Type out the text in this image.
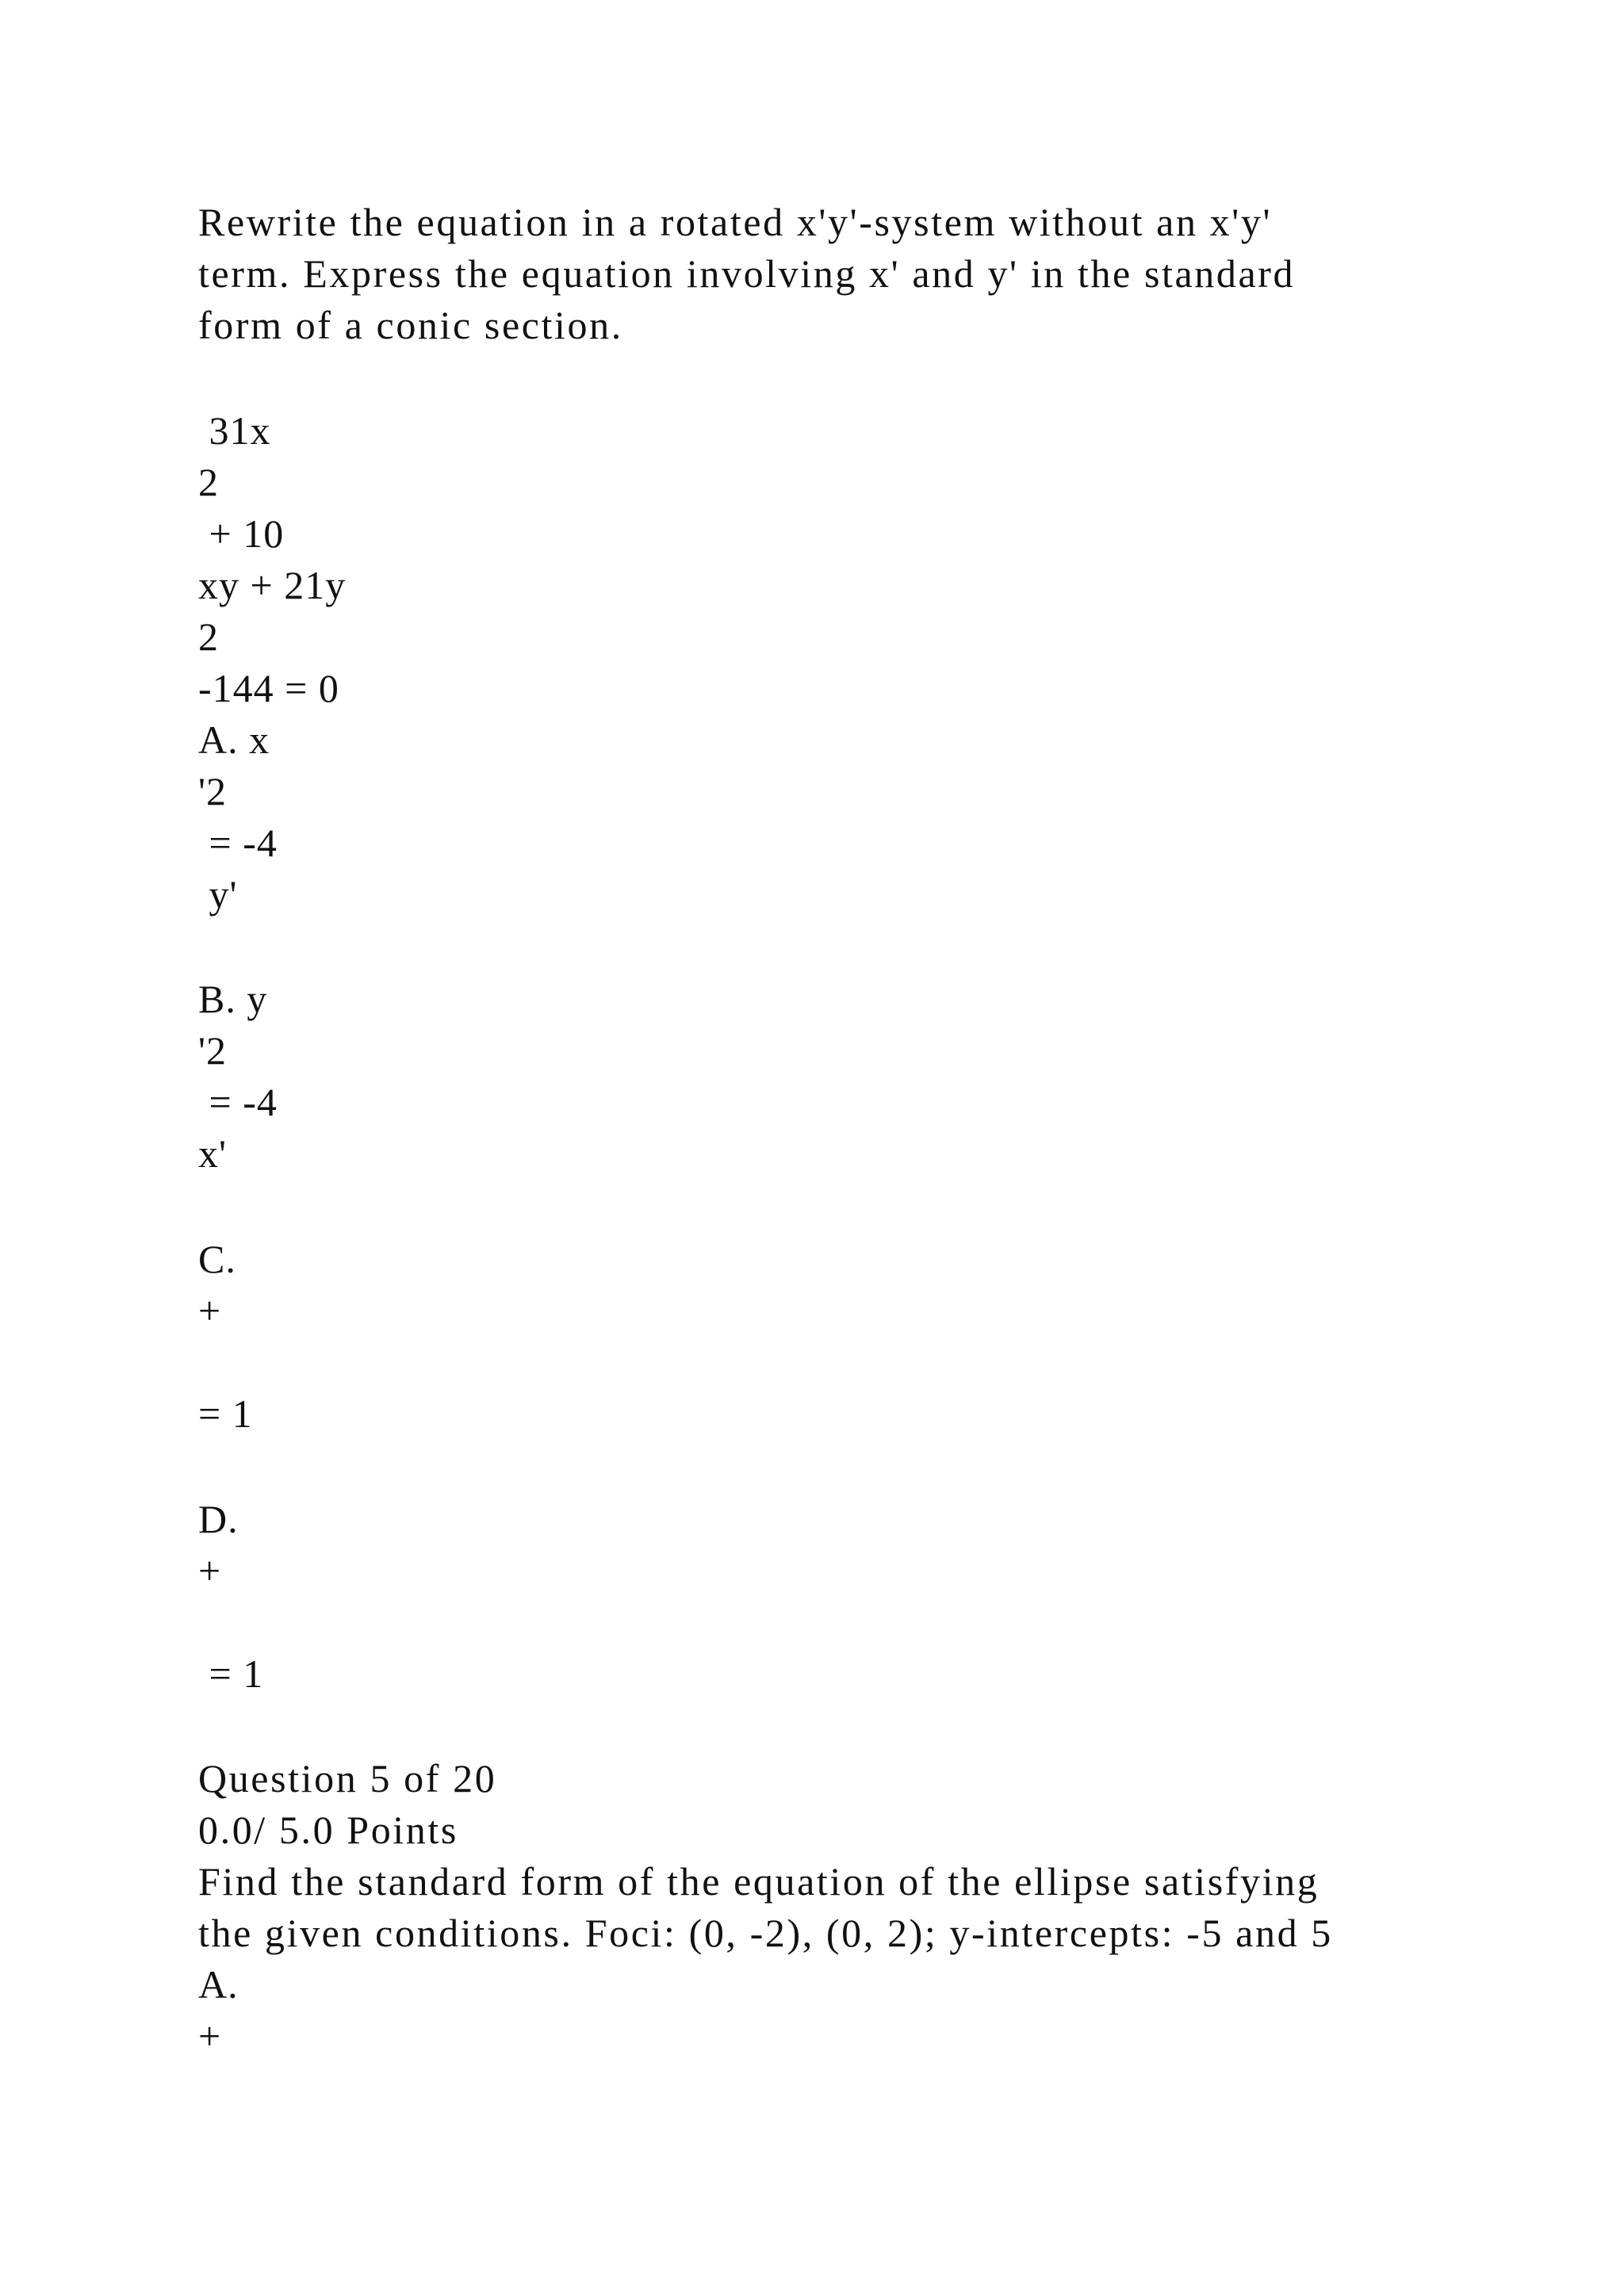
Rewrite the equation in a rotated x'y'-system without an x'y'

term. Express the equation involving x' and y' in the standard

form of a conic section.

31x

2

+ 10

xy + 21y

2

-144 = 0

A. x

'2

= -4

y'

B. y

'2

= -4

x'

C.

+

= 1

D.

+

= 1

Question 5 of 20

0.0/ 5.0 Points

Find the standard form of the equation of the ellipse satisfying

the given conditions. Foci: (0, -2), (0, 2); y-intercepts: -5 and 5

A.

+
